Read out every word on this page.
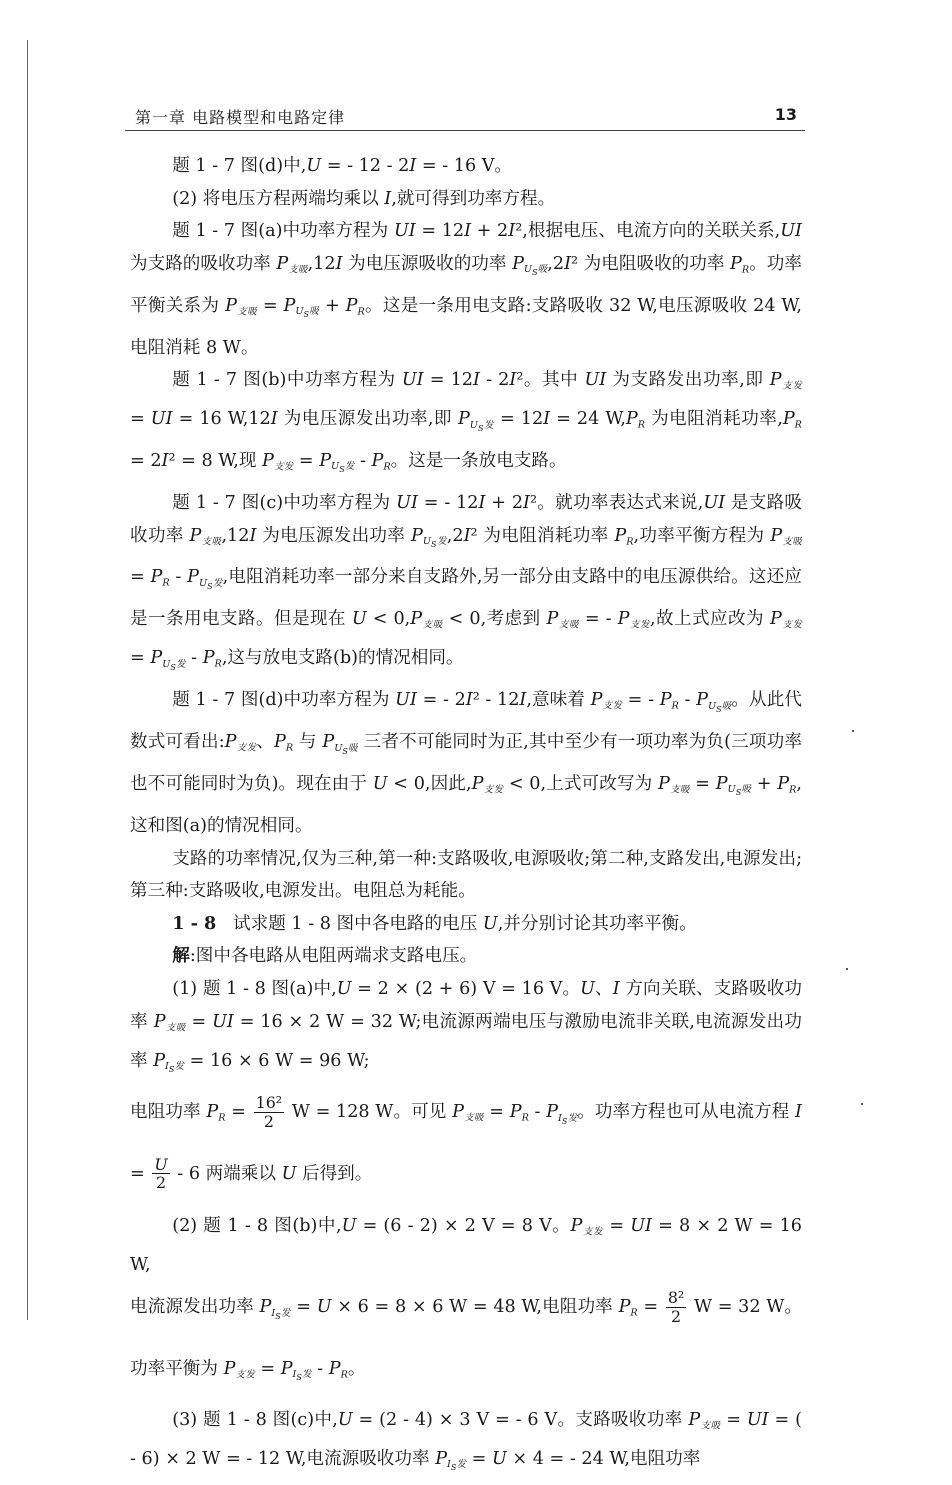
第一章 电路模型和电路定律	13

题 1 - 7 图(d)中,U = - 12 - 2I = - 16 V。

(2) 将电压方程两端均乘以 I,就可得到功率方程。

题 1 - 7 图(a)中功率方程为 UI = 12I + 2I²,根据电压、电流方向的关联关系,UI 为支路的吸收功率 $P_{支吸},12I$ 为电压源吸收的功率 $P_{U_S吸},2I^2$ 为电阻吸收的功率 $P_R$。功率平衡关系为 $P_{支吸} = P_{U_S吸} + P_R$。这是一条用电支路:支路吸收 32 W,电压源吸收 24 W,电阻消耗 8 W。

题 1 - 7 图(b)中功率方程为 UI = 12I - 2I²。其中 UI 为支路发出功率,即 $P_{支发}$ = UI = 16 W,12I 为电压源发出功率,即 $P_{U_S发} = 12I = 24$ $W,P_R$ 为电阻消耗功率$,P_R = 2I^2 = 8$ W,现 $P_{支发} = P_{U_S发} - P_R$。这是一条放电支路。

题 1 - 7 图(c)中功率方程为 UI = - 12I + 2I²。就功率表达式来说,UI 是支路吸收功率 $P_{支吸},12I$ 为电压源发出功率 $P_{U_S发},2I^2$ 为电阻消耗功率 $P_R$,功率平衡方程为 $P_{支吸} = P_R - P_{U_S发}$,电阻消耗功率一部分来自支路外,另一部分由支路中的电压源供给。这还应是一条用电支路。但是现在 $U < 0,P_{支吸} < 0$,考虑到 $P_{支吸}$ = - $P_{支发}$,故上式应改为 $P_{支发} = P_{U_S发} - P_R$,这与放电支路(b)的情况相同。

题 1 - 7 图(d)中功率方程为 UI = - 2I² - 12I,意味着 $P_{支发}$ = - $P_R - P_{U_S吸}$。从此代数式可看出$:P_{支发}$、$P_R$ 与 $P_{U_S吸}$ 三者不可能同时为正,其中至少有一项功率为负(三项功率也不可能同时为负)。现在由于 U < 0,因此$,P_{支发} < 0$,上式可改写为 $P_{支吸} = P_{U_S吸} + P_R$,这和图(a)的情况相同。

支路的功率情况,仅为三种,第一种:支路吸收,电源吸收;第二种,支路发出,电源发出;第三种:支路吸收,电源发出。电阻总为耗能。

1 - 8   试求题 1 - 8 图中各电路的电压 U,并分别讨论其功率平衡。

解:图中各电路从电阻两端求支路电压。

(1) 题 1 - 8 图(a)中,U = 2 × (2 + 6) V = 16 V。U、I 方向关联、支路吸收功率 $P_{支吸}$ = UI = 16 × 2 W = 32 W;电流源两端电压与激励电流非关联,电流源发出功率 $P_{I_S发} = 16 \times 6$ W = 96 W;

电阻功率 $P_R = \frac{\text{16²}}{2}$ W = 128 W。可见 $P_{支吸} = P_R - P_{I_S发}$。功率方程也可从电流方程 $I = \frac{U}{2} - 6$ 两端乘以 U 后得到。

(2) 题 1 - 8 图(b)中,U = (6 - 2) × 2 V = 8 V。$P_{支发}$ = UI = 8 × 2 W = 16 W,

电流源发出功率 $P_{I_S发} = U \times 6 = 8 \times 6$ W = 48 W,电阻功率 $P_R = \frac{\text{8²}}{2}$ W = 32 W。功率平衡为 $P_{支发} = P_{I_S发} - P_R$。

(3) 题 1 - 8 图(c)中,U = (2 - 4) × 3 V = - 6 V。支路吸收功率 $P_{支吸}$ = UI = ( - 6) × 2 W = - 12 W,电流源吸收功率 $P_{I_S发} = U \times 4$ = - 24 W,电阻功率
